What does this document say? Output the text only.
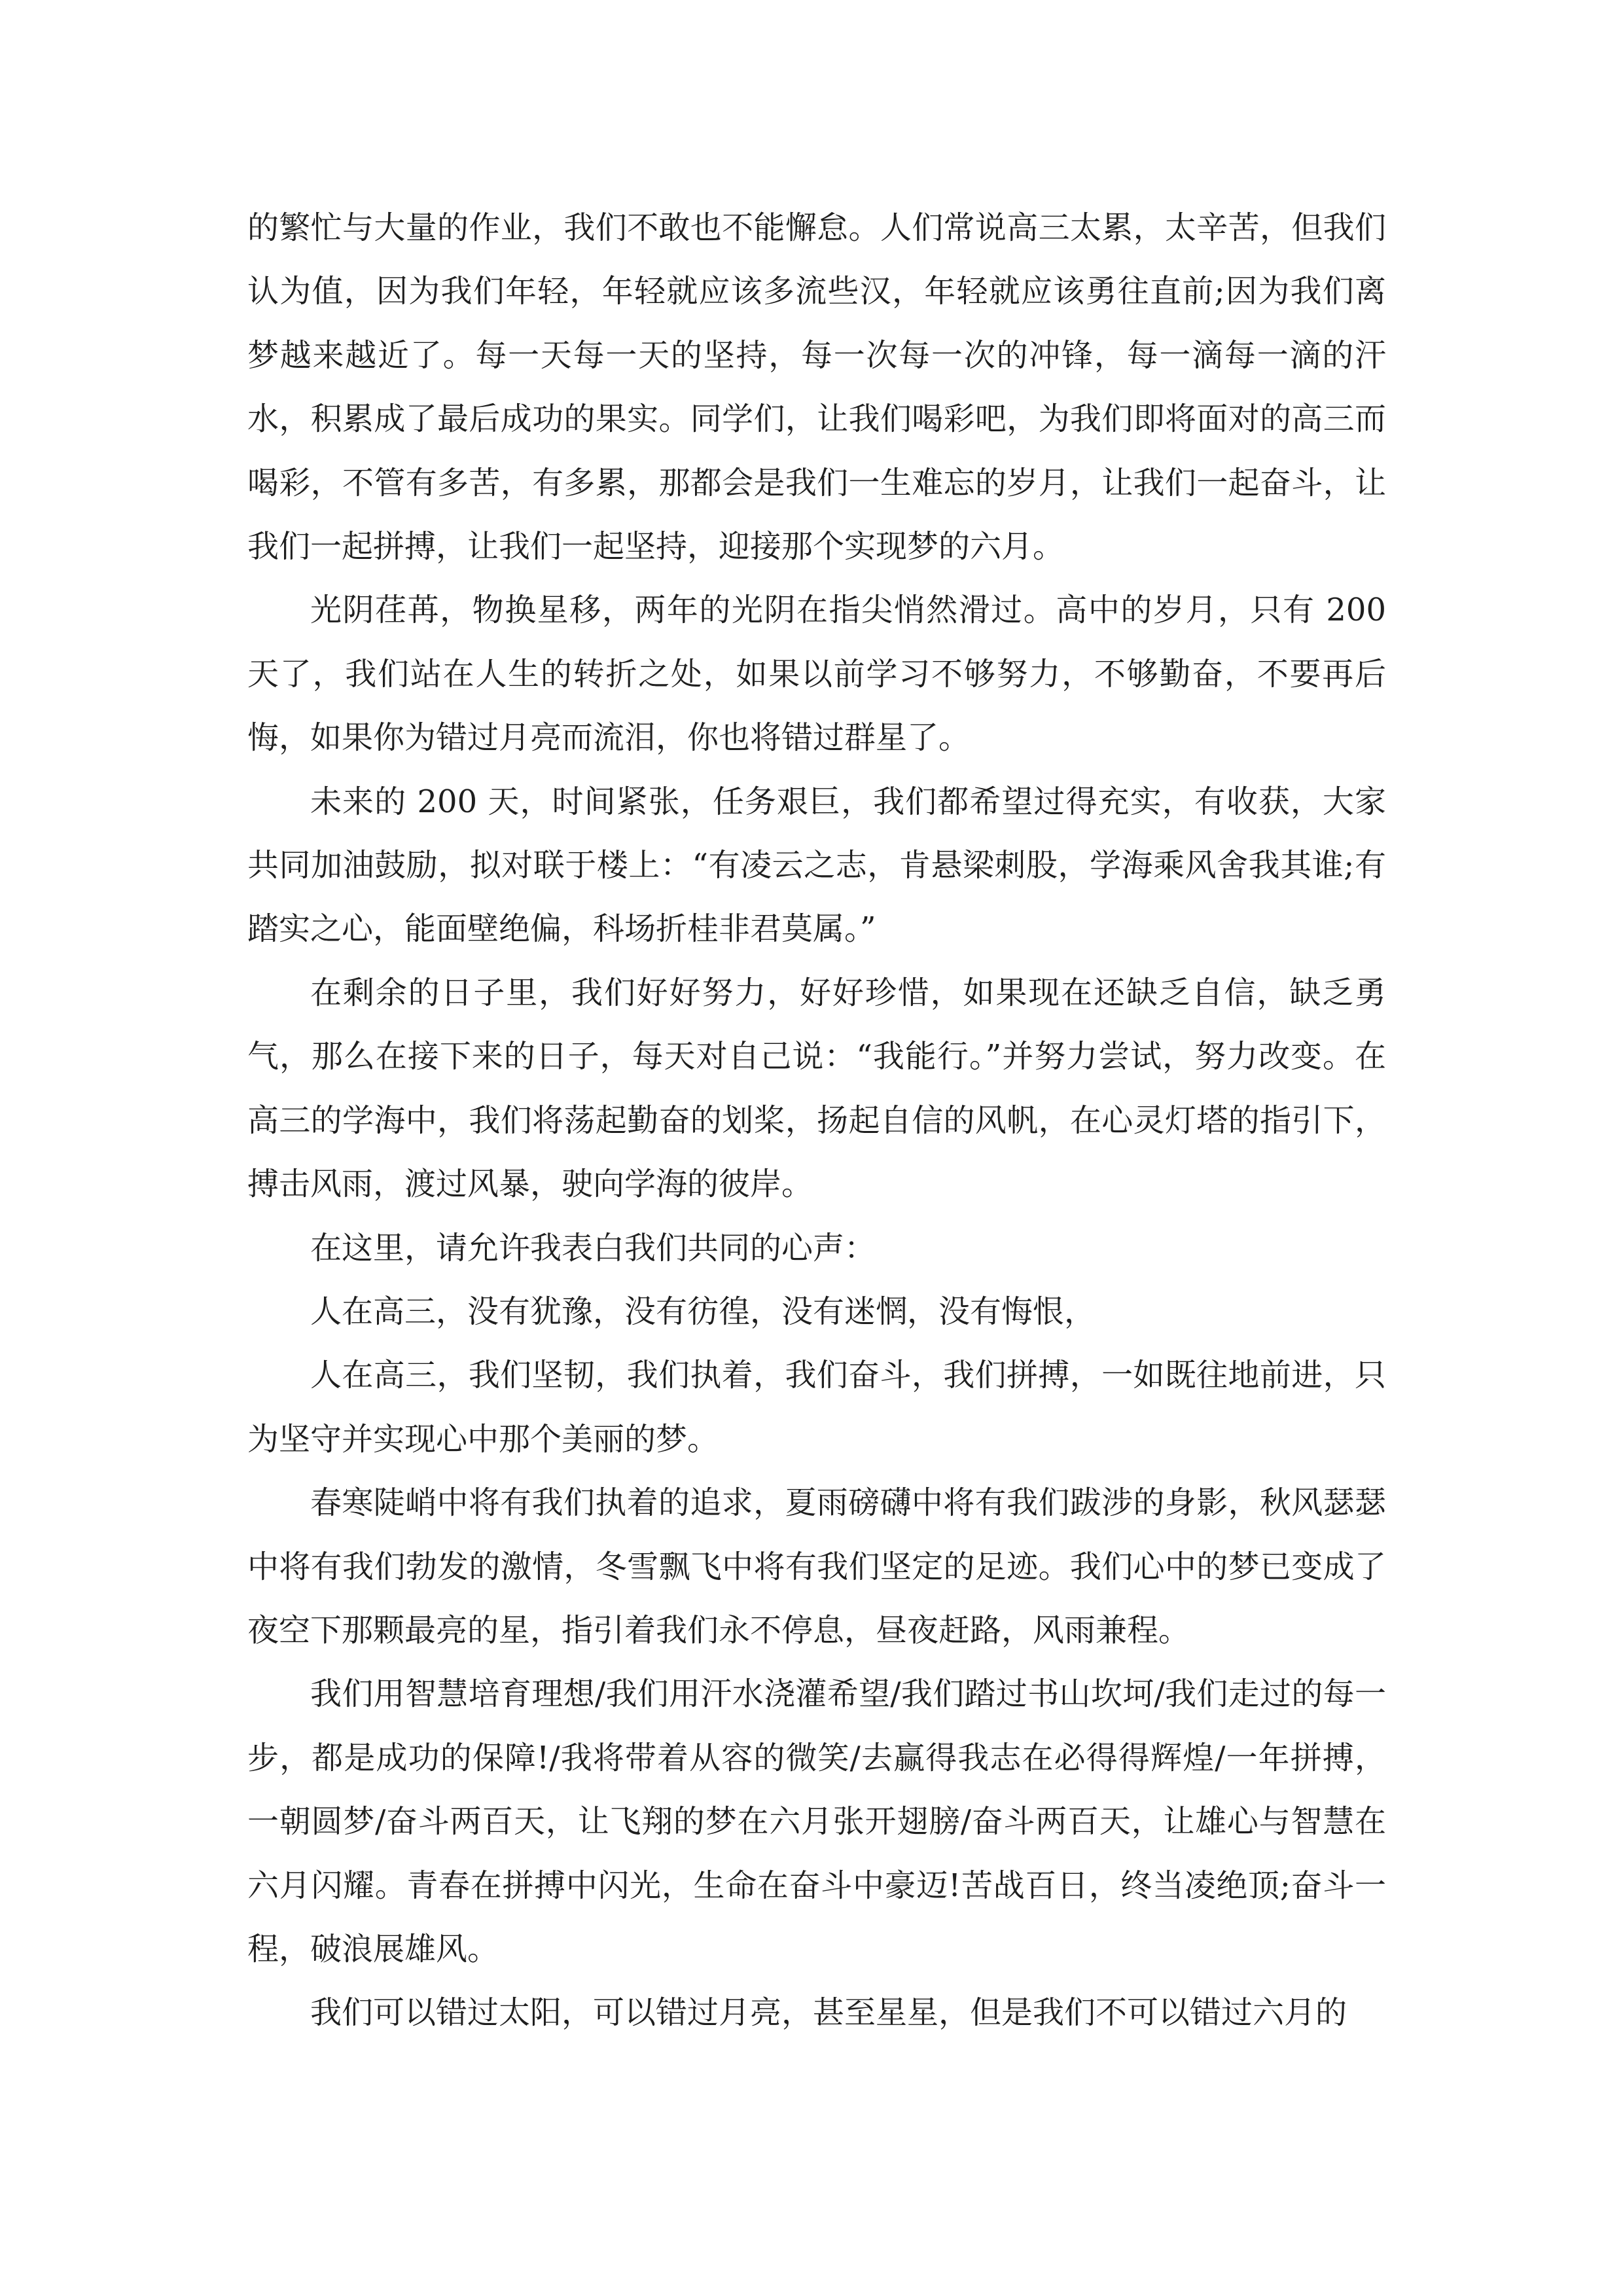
的繁忙与大量的作业，我们不敢也不能懈怠。人们常说高三太累，太辛苦，但我们认为值，因为我们年轻，年轻就应该多流些汉，年轻就应该勇往直前;因为我们离梦越来越近了。每一天每一天的坚持，每一次每一次的冲锋，每一滴每一滴的汗水，积累成了最后成功的果实。同学们，让我们喝彩吧，为我们即将面对的高三而喝彩，不管有多苦，有多累，那都会是我们一生难忘的岁月，让我们一起奋斗，让我们一起拼搏，让我们一起坚持，迎接那个实现梦的六月。

光阴荏苒，物换星移，两年的光阴在指尖悄然滑过。高中的岁月，只有 200 天了，我们站在人生的转折之处，如果以前学习不够努力，不够勤奋，不要再后悔，如果你为错过月亮而流泪，你也将错过群星了。

未来的 200 天，时间紧张，任务艰巨，我们都希望过得充实，有收获，大家共同加油鼓励，拟对联于楼上：“有凌云之志，肯悬梁刺股，学海乘风舍我其谁;有踏实之心，能面壁绝偏，科场折桂非君莫属。”

在剩余的日子里，我们好好努力，好好珍惜，如果现在还缺乏自信，缺乏勇气，那么在接下来的日子，每天对自己说：“我能行。”并努力尝试，努力改变。在高三的学海中，我们将荡起勤奋的划桨，扬起自信的风帆，在心灵灯塔的指引下，搏击风雨，渡过风暴，驶向学海的彼岸。

在这里，请允许我表白我们共同的心声：

人在高三，没有犹豫，没有彷徨，没有迷惘，没有悔恨，

人在高三，我们坚韧，我们执着，我们奋斗，我们拼搏，一如既往地前进，只为坚守并实现心中那个美丽的梦。

春寒陡峭中将有我们执着的追求，夏雨磅礴中将有我们跋涉的身影，秋风瑟瑟中将有我们勃发的激情，冬雪飘飞中将有我们坚定的足迹。我们心中的梦已变成了夜空下那颗最亮的星，指引着我们永不停息，昼夜赶路，风雨兼程。

我们用智慧培育理想/我们用汗水浇灌希望/我们踏过书山坎坷/我们走过的每一步，都是成功的保障!/我将带着从容的微笑/去赢得我志在必得得辉煌/一年拼搏，一朝圆梦/奋斗两百天，让飞翔的梦在六月张开翅膀/奋斗两百天，让雄心与智慧在六月闪耀。青春在拼搏中闪光，生命在奋斗中豪迈!苦战百日，终当凌绝顶;奋斗一程，破浪展雄风。

我们可以错过太阳，可以错过月亮，甚至星星，但是我们不可以错过六月的
